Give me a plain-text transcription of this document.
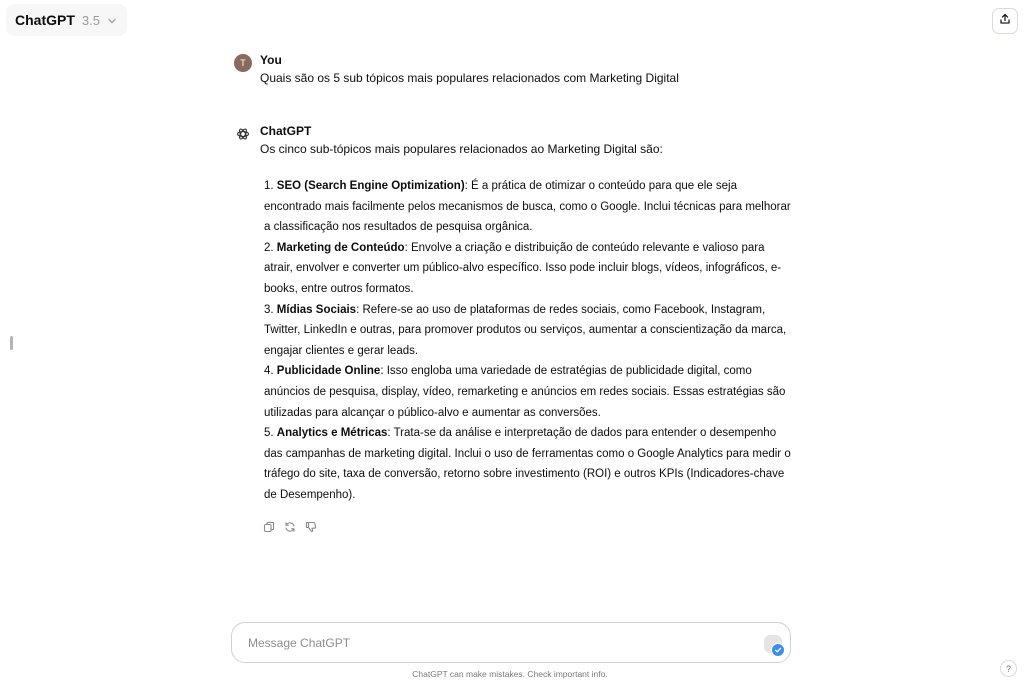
ChatGPT 3.5
T	You
Quais são os 5 sub tópicos mais populares relacionados com Marketing Digital
ChatGPT
Os cinco sub-tópicos mais populares relacionados ao Marketing Digital são:
1. SEO (Search Engine Optimization): É a prática de otimizar o conteúdo para que ele seja encontrado mais facilmente pelos mecanismos de busca, como o Google. Inclui técnicas para melhorar a classificação nos resultados de pesquisa orgânica.
2. Marketing de Conteúdo: Envolve a criação e distribuição de conteúdo relevante e valioso para atrair, envolver e converter um público-alvo específico. Isso pode incluir blogs, vídeos, infográficos, e-books, entre outros formatos.
3. Mídias Sociais: Refere-se ao uso de plataformas de redes sociais, como Facebook, Instagram, Twitter, LinkedIn e outras, para promover produtos ou serviços, aumentar a conscientização da marca, engajar clientes e gerar leads.
4. Publicidade Online: Isso engloba uma variedade de estratégias de publicidade digital, como anúncios de pesquisa, display, vídeo, remarketing e anúncios em redes sociais. Essas estratégias são utilizadas para alcançar o público-alvo e aumentar as conversões.
5. Analytics e Métricas: Trata-se da análise e interpretação de dados para entender o desempenho das campanhas de marketing digital. Inclui o uso de ferramentas como o Google Analytics para medir o tráfego do site, taxa de conversão, retorno sobre investimento (ROI) e outros KPIs (Indicadores-chave de Desempenho).
Message ChatGPT
ChatGPT can make mistakes. Check important info.
?
